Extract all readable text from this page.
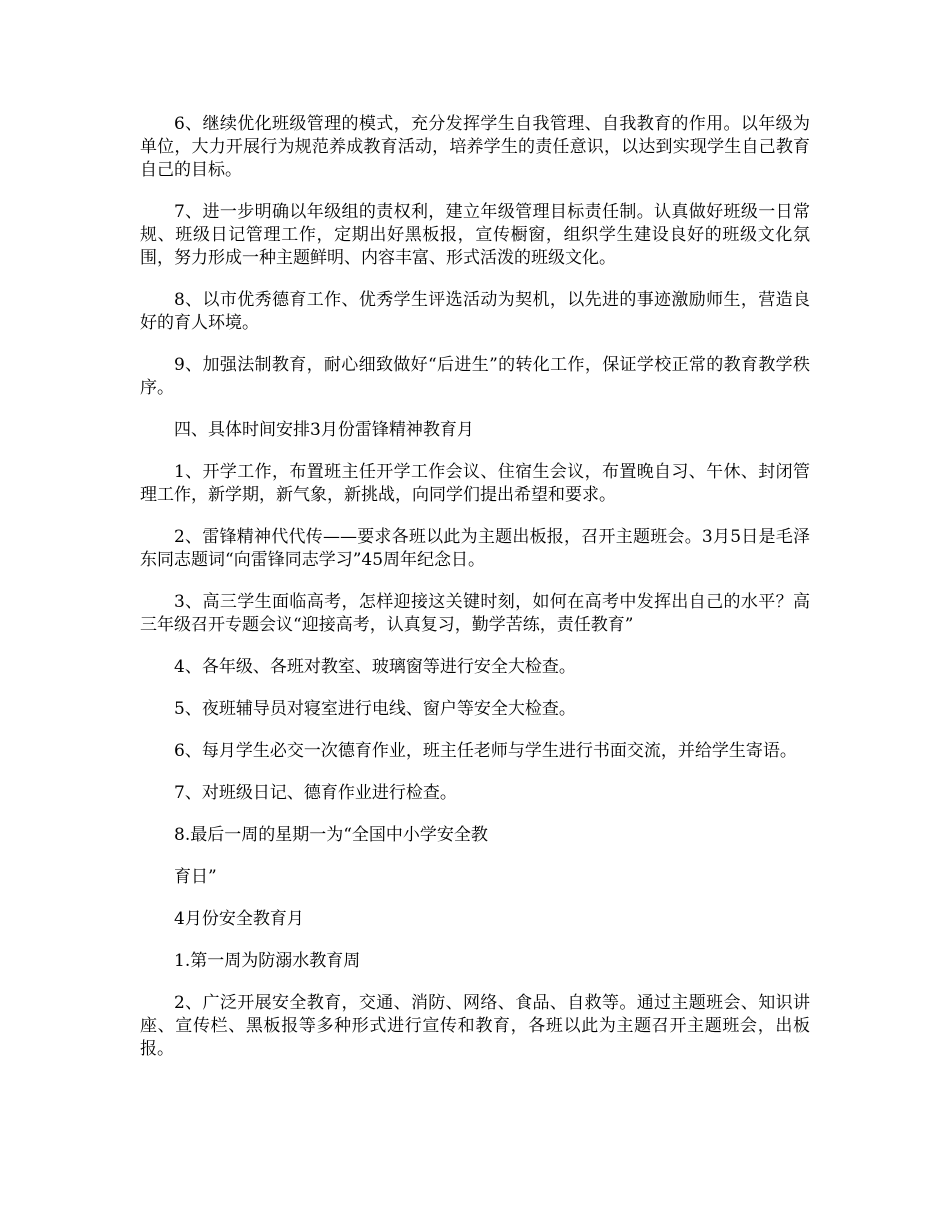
6、继续优化班级管理的模式，充分发挥学生自我管理、自我教育的作用。以年级为单位，大力开展行为规范养成教育活动，培养学生的责任意识，以达到实现学生自己教育自己的目标。

7、进一步明确以年级组的责权利，建立年级管理目标责任制。认真做好班级一日常规、班级日记管理工作，定期出好黑板报，宣传橱窗，组织学生建设良好的班级文化氛围，努力形成一种主题鲜明、内容丰富、形式活泼的班级文化。

8、以市优秀德育工作、优秀学生评选活动为契机，以先进的事迹激励师生，营造良好的育人环境。

9、加强法制教育，耐心细致做好“后进生”的转化工作，保证学校正常的教育教学秩序。

四、具体时间安排3月份雷锋精神教育月

1、开学工作，布置班主任开学工作会议、住宿生会议，布置晚自习、午休、封闭管理工作，新学期，新气象，新挑战，向同学们提出希望和要求。

2、雷锋精神代代传——要求各班以此为主题出板报，召开主题班会。3月5日是毛泽东同志题词“向雷锋同志学习”45周年纪念日。

3、高三学生面临高考，怎样迎接这关键时刻，如何在高考中发挥出自己的水平？高三年级召开专题会议“迎接高考，认真复习，勤学苦练，责任教育”

4、各年级、各班对教室、玻璃窗等进行安全大检查。

5、夜班辅导员对寝室进行电线、窗户等安全大检查。

6、每月学生必交一次德育作业，班主任老师与学生进行书面交流，并给学生寄语。

7、对班级日记、德育作业进行检查。

8.最后一周的星期一为“全国中小学安全教

育日”

4月份安全教育月

1.第一周为防溺水教育周

2、广泛开展安全教育，交通、消防、网络、食品、自救等。通过主题班会、知识讲座、宣传栏、黑板报等多种形式进行宣传和教育，各班以此为主题召开主题班会，出板报。
